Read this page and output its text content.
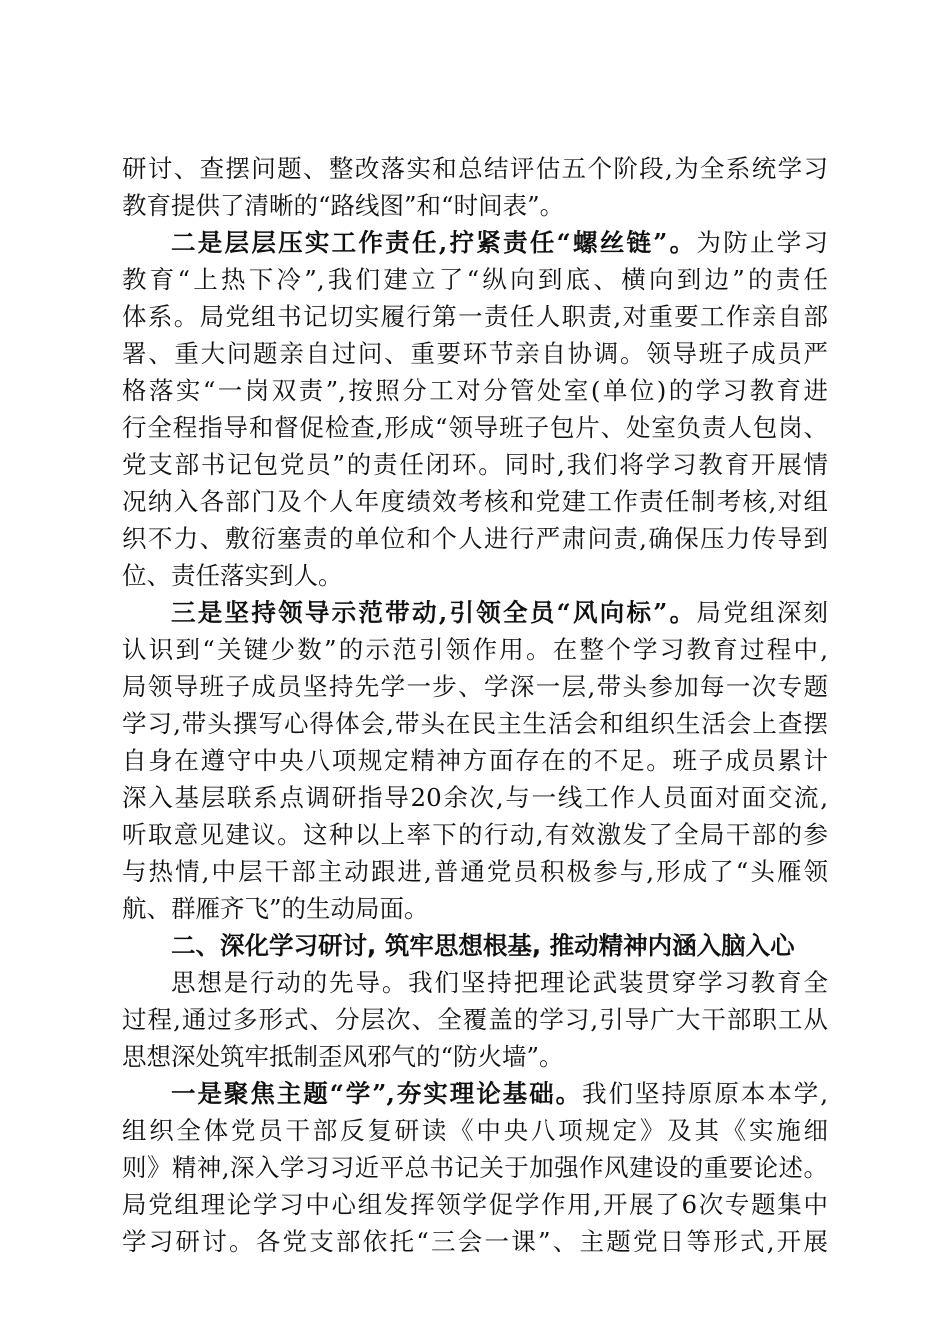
研讨、查摆问题、整改落实和总结评估五个阶段,为全系统学习
教育提供了清晰的“路线图”和“时间表”。
二是层层压实工作责任,拧紧责任“螺丝链”。为防止学习
教育“上热下冷”,我们建立了“纵向到底、横向到边”的责任
体系。局党组书记切实履行第一责任人职责,对重要工作亲自部
署、重大问题亲自过问、重要环节亲自协调。领导班子成员严
格落实“一岗双责”,按照分工对分管处室(单位)的学习教育进
行全程指导和督促检查,形成“领导班子包片、处室负责人包岗、
党支部书记包党员”的责任闭环。同时,我们将学习教育开展情
况纳入各部门及个人年度绩效考核和党建工作责任制考核,对组
织不力、敷衍塞责的单位和个人进行严肃问责,确保压力传导到
位、责任落实到人。
三是坚持领导示范带动,引领全员“风向标”。局党组深刻
认识到“关键少数”的示范引领作用。在整个学习教育过程中,
局领导班子成员坚持先学一步、学深一层,带头参加每一次专题
学习,带头撰写心得体会,带头在民主生活会和组织生活会上查摆
自身在遵守中央八项规定精神方面存在的不足。班子成员累计
深入基层联系点调研指导20余次,与一线工作人员面对面交流,
听取意见建议。这种以上率下的行动,有效激发了全局干部的参
与热情,中层干部主动跟进,普通党员积极参与,形成了“头雁领
航、群雁齐飞”的生动局面。
二、深化学习研讨, 筑牢思想根基, 推动精神内涵入脑入心
思想是行动的先导。我们坚持把理论武装贯穿学习教育全
过程,通过多形式、分层次、全覆盖的学习,引导广大干部职工从
思想深处筑牢抵制歪风邪气的“防火墙”。
一是聚焦主题“学”,夯实理论基础。我们坚持原原本本学,
组织全体党员干部反复研读《中央八项规定》及其《实施细
则》精神,深入学习习近平总书记关于加强作风建设的重要论述。
局党组理论学习中心组发挥领学促学作用,开展了6次专题集中
学习研讨。各党支部依托“三会一课”、主题党日等形式,开展
